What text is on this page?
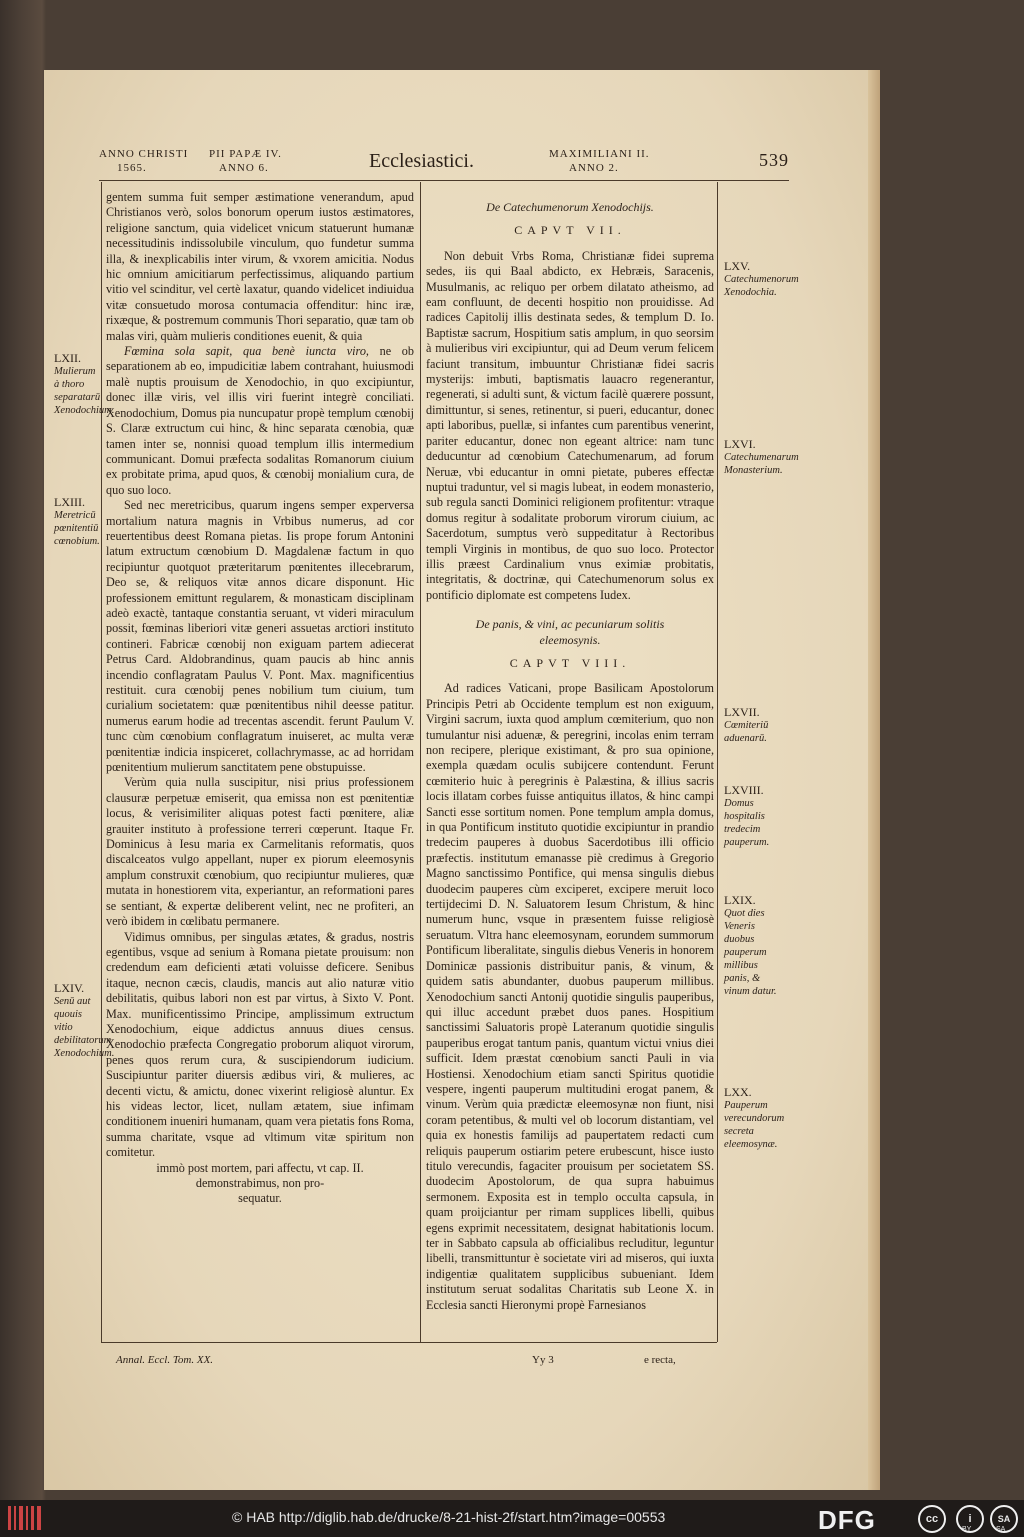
ANNO CHRISTI PII PAPÆ IV.
1565.	ANNO 6.	Ecclesiastici.	MAXIMILIANI II.
ANNO 2.	539

gentem summa fuit semper æstimatione venerandum, apud Christianos verò, solos bonorum operum iustos æstimatores, religione sanctum, quia videlicet vnicum statuerunt humanæ necessitudinis indissolubile vinculum, quo fundetur summa illa, & inexplicabilis inter virum, & vxorem amicitia. Nodus hic omnium amicitiarum perfectissimus, aliquando partium vitio vel scinditur, vel certè laxatur, quando videlicet indiuidua vitæ consuetudo morosa contumacia offenditur: hinc iræ, rixæque, & postremum communis Thori separatio, quæ tam ob malas viri, quàm mulieris conditiones euenit, & quia

Fœmina sola sapit, qua benè iuncta viro, ne ob separationem ab eo, impudicitiæ labem contrahant, huiusmodi malè nuptis prouisum de Xenodochio, in quo excipiuntur, donec illæ viris, vel illis viri fuerint integrè conciliati. Xenodochium, Domus pia nuncupatur propè templum cœnobij S. Claræ extructum cui hinc, & hinc separata cœnobia, quæ tamen inter se, nonnisi quoad templum illis intermedium communicant. Domui præfecta sodalitas Romanorum ciuium ex probitate prima, apud quos, & cœnobij monialium cura, de quo suo loco.

Sed nec meretricibus, quarum ingens semper experversa mortalium natura magnis in Vrbibus numerus, ad cor reuertentibus deest Romana pietas. Iis prope forum Antonini latum extructum cœnobium D. Magdalenæ factum in quo recipiuntur quotquot præteritarum pœnitentes illecebrarum, Deo se, & reliquos vitæ annos dicare disponunt. Hic professionem emittunt regularem, & monasticam disciplinam adeò exactè, tantaque constantia seruant, vt videri miraculum possit, fœminas liberiori vitæ generi assuetas arctiori instituto contineri. Fabricæ cœnobij non exiguam partem adiecerat Petrus Card. Aldobrandinus, quam paucis ab hinc annis incendio conflagratam Paulus V. Pont. Max. magnificentius restituit. cura cœnobij penes nobilium tum ciuium, tum curialium societatem: quæ pœnitentibus nihil deesse patitur. numerus earum hodie ad trecentas ascendit. ferunt Paulum V. tunc cùm cœnobium conflagratum inuiseret, ac multa veræ pœnitentiæ indicia inspiceret, collachrymasse, ac ad horridam pœnitentium mulierum sanctitatem pene obstupuisse.

Verùm quia nulla suscipitur, nisi prius professionem clausuræ perpetuæ emiserit, qua emissa non est pœnitentiæ locus, & verisimiliter aliquas potest facti pœnitere, aliæ grauiter instituto à professione terreri cœperunt. Itaque Fr. Dominicus à Iesu maria ex Carmelitanis reformatis, quos discalceatos vulgo appellant, nuper ex piorum eleemosynis amplum construxit cœnobium, quo recipiuntur mulieres, quæ mutata in honestiorem vita, experiantur, an reformationi pares se sentiant, & expertæ deliberent velint, nec ne profiteri, an verò ibidem in cœlibatu permanere.

Vidimus omnibus, per singulas ætates, & gradus, nostris egentibus, vsque ad senium à Romana pietate prouisum: non credendum eam deficienti ætati voluisse deficere. Senibus itaque, necnon cæcis, claudis, mancis aut alio naturæ vitio debilitatis, quibus labori non est par virtus, à Sixto V. Pont. Max. munificentissimo Principe, amplissimum extructum Xenodochium, eique addictus annuus diues census. Xenodochio præfecta Congregatio proborum aliquot virorum, penes quos rerum cura, & suscipiendorum iudicium. Suscipiuntur pariter diuersis ædibus viri, & mulieres, ac decenti victu, & amictu, donec vixerint religiosè aluntur. Ex his videas lector, licet, nullam ætatem, siue infimam conditionem inueniri humanam, quam vera pietatis fons Roma, summa charitate, vsque ad vltimum vitæ spiritum non comitetur.

immò post mortem, pari affectu, vt cap. II.

demonstrabimus, non pro-

sequatur.

De Catechumenorum Xenodochijs.
CAPVT VII.

Non debuit Vrbs Roma, Christianæ fidei suprema sedes, iis qui Baal abdicto, ex Hebræis, Saracenis, Musulmanis, ac reliquo per orbem dilatato atheismo, ad eam confluunt, de decenti hospitio non prouidisse. Ad radices Capitolij illis destinata sedes, & templum D. Io. Baptistæ sacrum, Hospitium satis amplum, in quo seorsim à mulieribus viri excipiuntur, qui ad Deum verum felicem faciunt transitum, imbuuntur Christianæ fidei sacris mysterijs: imbuti, baptismatis lauacro regenerantur, regenerati, si adulti sunt, & victum facilè quærere possunt, dimittuntur, si senes, retinentur, si pueri, educantur, donec apti laboribus, puellæ, si infantes cum parentibus venerint, pariter educantur, donec non egeant altrice: nam tunc deducuntur ad cœnobium Catechumenarum, ad forum Neruæ, vbi educantur in omni pietate, puberes effectæ nuptui traduntur, vel si magis lubeat, in eodem monasterio, sub regula sancti Dominici religionem profitentur: vtraque domus regitur à sodalitate proborum virorum ciuium, ac Sacerdotum, sumptus verò suppeditatur à Rectoribus templi Virginis in montibus, de quo suo loco. Protector illis præest Cardinalium vnus eximiæ probitatis, integritatis, & doctrinæ, qui Catechumenorum solus ex pontificio diplomate est competens Iudex.

De panis, & vini, ac pecuniarum solitis
eleemosynis.
CAPVT VIII.

Ad radices Vaticani, prope Basilicam Apostolorum Principis Petri ab Occidente templum est non exiguum, Virgini sacrum, iuxta quod amplum cœmiterium, quo non tumulantur nisi aduenæ, & peregrini, incolas enim terram non recipere, plerique existimant, & pro sua opinione, exempla quædam oculis subijcere contendunt. Ferunt cœmiterio huic à peregrinis è Palæstina, & illius sacris locis illatam corbes fuisse antiquitus illatos, & hinc campi Sancti esse sortitum nomen. Pone templum ampla domus, in qua Pontificum instituto quotidie excipiuntur in prandio tredecim pauperes à duobus Sacerdotibus illi officio præfectis. institutum emanasse piè credimus à Gregorio Magno sanctissimo Pontifice, qui mensa singulis diebus duodecim pauperes cùm exciperet, excipere meruit loco tertijdecimi D. N. Saluatorem Iesum Christum, & hinc numerum hunc, vsque in præsentem fuisse religiosè seruatum. Vltra hanc eleemosynam, eorundem summorum Pontificum liberalitate, singulis diebus Veneris in honorem Dominicæ passionis distribuitur panis, & vinum, & quidem satis abundanter, duobus pauperum millibus. Xenodochium sancti Antonij quotidie singulis pauperibus, qui illuc accedunt præbet duos panes. Hospitium sanctissimi Saluatoris propè Lateranum quotidie singulis pauperibus erogat tantum panis, quantum victui vnius diei sufficit. Idem præstat cœnobium sancti Pauli in via Hostiensi. Xenodochium etiam sancti Spiritus quotidie vespere, ingenti pauperum multitudini erogat panem, & vinum. Verùm quia prædictæ eleemosynæ non fiunt, nisi coram petentibus, & multi vel ob locorum distantiam, vel quia ex honestis familijs ad paupertatem redacti cum reliquis pauperum ostiarim petere erubescunt, hisce iusto titulo verecundis, fagaciter prouisum per societatem SS. duodecim Apostolorum, de qua supra habuimus sermonem. Exposita est in templo occulta capsula, in quam proijciantur per rimam supplices libelli, quibus egens exprimit necessitatem, designat habitationis locum. ter in Sabbato capsula ab officialibus recluditur, leguntur libelli, transmittuntur è societate viri ad miseros, qui iuxta indigentiæ qualitatem supplicibus subueniant. Idem institutum seruat sodalitas Charitatis sub Leone X. in Ecclesia sancti Hieronymi propè Farnesianos

LXII.
Mulierum à thoro separatarū Xenodochium.
LXIII.
Meretricū pœnitentiū cœnobium.
LXIV.
Senū aut quouis vitio debilitatorum Xenodochium.
LXV.
Catechumenorum Xenodochia.
LXVI.
Catechumenarum Monasterium.
LXVII.
Cœmiteriū aduenarū.
LXVIII.
Domus hospitalis tredecim pauperum.
LXIX.
Quot dies Veneris duobus pauperum millibus panis, & vinum datur.
LXX.
Pauperum verecundorum secreta eleemosynæ.
Annal. Eccl. Tom. XX.	Yy 3	e recta,
© HAB http://diglib.hab.de/drucke/8-21-hist-2f/start.htm?image=00553	DFG	cc	i	SA
BY	SA
